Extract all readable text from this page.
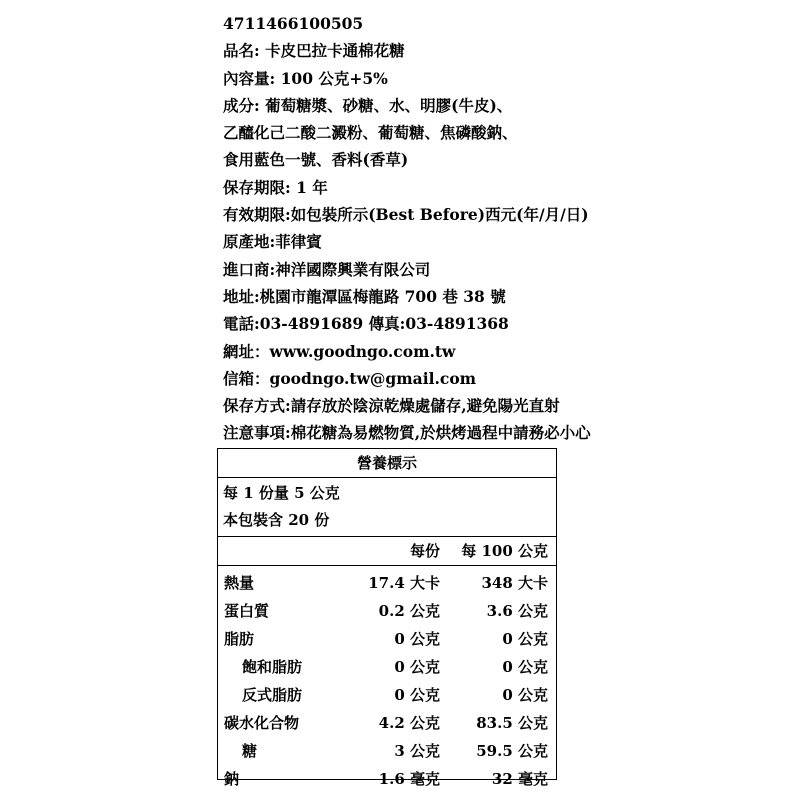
4711466100505
品名: 卡皮巴拉卡通棉花糖
內容量: 100 公克+5%
成分: 葡萄糖漿、砂糖、水、明膠(牛皮)、
乙醯化己二酸二澱粉、葡萄糖、焦磷酸鈉、
食用藍色一號、香料(香草)
保存期限: 1 年
有效期限:如包裝所示(Best Before)西元(年/月/日)
原產地:菲律賓
進口商:神洋國際興業有限公司
地址:桃園市龍潭區梅龍路 700 巷 38 號
電話:03-4891689 傳真:03-4891368
網址：www.goodngo.com.tw
信箱：goodngo.tw@gmail.com
保存方式:請存放於陰涼乾燥處儲存,避免陽光直射
注意事項:棉花糖為易燃物質,於烘烤過程中請務必小心
營養標示
每 1 份量 5 公克
本包裝含 20 份
每份 每 100 公克
熱量	17.4 大卡	348 大卡
蛋白質	0.2 公克	3.6 公克
脂肪	0 公克	0 公克
飽和脂肪	0 公克	0 公克
反式脂肪	0 公克	0 公克
碳水化合物	4.2 公克 83.5 公克
糖	3 公克 59.5 公克
鈉	1.6 毫克	32 毫克
